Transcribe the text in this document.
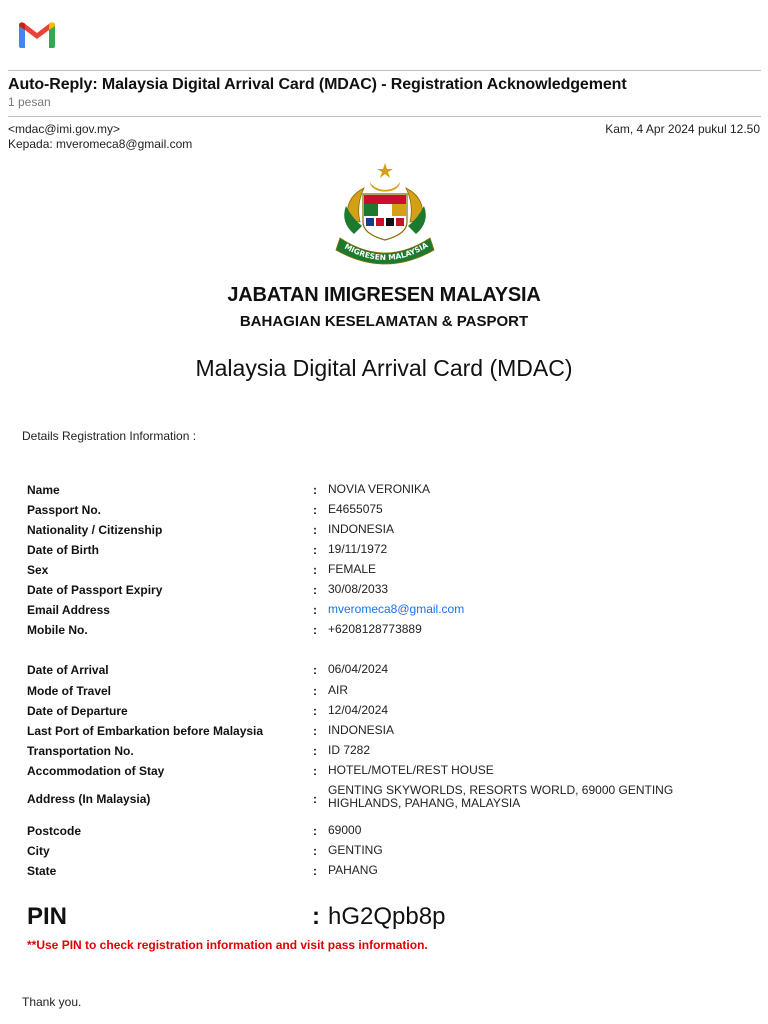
Auto-Reply: Malaysia Digital Arrival Card (MDAC) - Registration Acknowledgement
1 pesan
<mdac@imi.gov.my>	Kam, 4 Apr 2024 pukul 12.50
Kepada: mveromeca8@gmail.com
MIGRESEN MALAYSIA
JABATAN IMIGRESEN MALAYSIA
BAHAGIAN KESELAMATAN & PASPORT
Malaysia Digital Arrival Card (MDAC)
Details Registration Information :
Name	: NOVIA VERONIKA
Passport No.	: E4655075
Nationality / Citizenship	: INDONESIA
Date of Birth	: 19/11/1972
Sex	: FEMALE
Date of Passport Expiry	: 30/08/2033
Email Address	: mveromeca8@gmail.com
Mobile No.	: +6208128773889
Date of Arrival	: 06/04/2024
Mode of Travel	: AIR
Date of Departure	: 12/04/2024
Last Port of Embarkation before Malaysia	: INDONESIA
Transportation No.	: ID 7282
Accommodation of Stay	: HOTEL/MOTEL/REST HOUSE
Address (In Malaysia)	:
GENTING SKYWORLDS, RESORTS WORLD, 69000 GENTING HIGHLANDS, PAHANG, MALAYSIA
Postcode	: 69000
City	: GENTING
State	: PAHANG
PIN	: hG2Qpb8p
**Use PIN to check registration information and visit pass information.
Thank you.
